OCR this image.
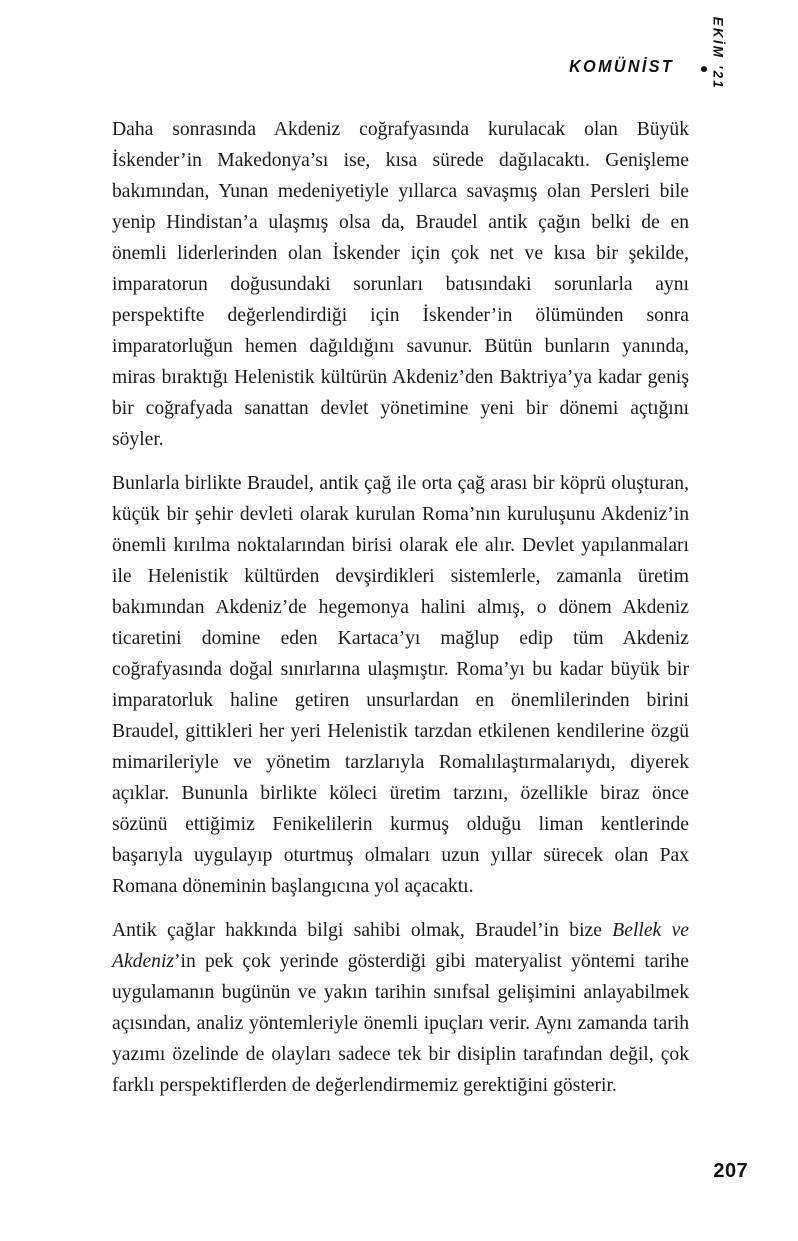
KOMÜNİST	EKİM '21

Daha sonrasında Akdeniz coğrafyasında kurulacak olan Büyük İskender’in Makedonya’sı ise, kısa sürede dağılacaktı. Genişleme bakımından, Yunan medeniyetiyle yıllarca savaşmış olan Persleri bile yenip Hindistan’a ulaşmış olsa da, Braudel antik çağın belki de en önemli liderlerinden olan İskender için çok net ve kısa bir şekilde, imparatorun doğusundaki sorunları batısındaki sorunlarla aynı perspektifte değerlendirdiği için İskender’in ölümünden sonra imparatorluğun hemen dağıldığını savunur. Bütün bunların yanında, miras bıraktığı Helenistik kültürün Akdeniz’den Baktriya’ya kadar geniş bir coğrafyada sanattan devlet yönetimine yeni bir dönemi açtığını söyler.

Bunlarla birlikte Braudel, antik çağ ile orta çağ arası bir köprü oluşturan, küçük bir şehir devleti olarak kurulan Roma’nın kuruluşunu Akdeniz’in önemli kırılma noktalarından birisi olarak ele alır. Devlet yapılanmaları ile Helenistik kültürden devşirdikleri sistemlerle, zamanla üretim bakımından Akdeniz’de hegemonya halini almış, o dönem Akdeniz ticaretini domine eden Kartaca’yı mağlup edip tüm Akdeniz coğrafyasında doğal sınırlarına ulaşmıştır. Roma’yı bu kadar büyük bir imparatorluk haline getiren unsurlardan en önemlilerinden birini Braudel, gittikleri her yeri Helenistik tarzdan etkilenen kendilerine özgü mimarileriyle ve yönetim tarzlarıyla Romalılaştırmalarıydı, diyerek açıklar. Bununla birlikte köleci üretim tarzını, özellikle biraz önce sözünü ettiğimiz Fenikelilerin kurmuş olduğu liman kentlerinde başarıyla uygulayıp oturtmuş olmaları uzun yıllar sürecek olan Pax Romana döneminin başlangıcına yol açacaktı.

Antik çağlar hakkında bilgi sahibi olmak, Braudel’in bize Bellek ve Akdeniz’in pek çok yerinde gösterdiği gibi materyalist yöntemi tarihe uygulamanın bugünün ve yakın tarihin sınıfsal gelişimini anlayabilmek açısından, analiz yöntemleriyle önemli ipuçları verir. Aynı zamanda tarih yazımı özelinde de olayları sadece tek bir disiplin tarafından değil, çok farklı perspektiflerden de değerlendirmemiz gerektiğini gösterir.

207
